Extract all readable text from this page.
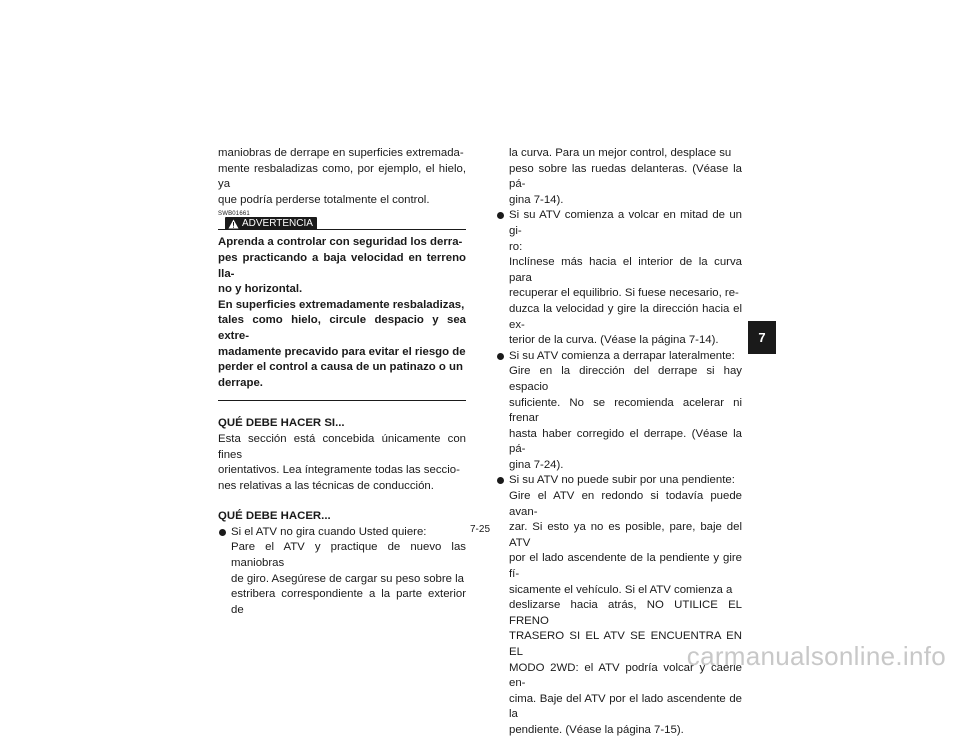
maniobras de derrape en superficies extremada-

mente resbaladizas como, por ejemplo, el hielo, ya

que podría perderse totalmente el control.

SWB01661
ADVERTENCIA

Aprenda a controlar con seguridad los derra-

pes practicando a baja velocidad en terreno lla-

no y horizontal.

En superficies extremadamente resbaladizas,

tales como hielo, circule despacio y sea extre-

madamente precavido para evitar el riesgo de

perder el control a causa de un patinazo o un

derrape.

QUÉ DEBE HACER SI...

Esta sección está concebida únicamente con fines

orientativos. Lea íntegramente todas las seccio-

nes relativas a las técnicas de conducción.

QUÉ DEBE HACER...

Si el ATV no gira cuando Usted quiere:

Pare el ATV y practique de nuevo las maniobras

de giro. Asegúrese de cargar su peso sobre la

estribera correspondiente a la parte exterior de

la curva. Para un mejor control, desplace su

peso sobre las ruedas delanteras. (Véase la pá-

gina 7-14).

Si su ATV comienza a volcar en mitad de un gi-

ro:

Inclínese más hacia el interior de la curva para

recuperar el equilibrio. Si fuese necesario, re-

duzca la velocidad y gire la dirección hacia el ex-

terior de la curva. (Véase la página 7-14).

Si su ATV comienza a derrapar lateralmente:

Gire en la dirección del derrape si hay espacio

suficiente. No se recomienda acelerar ni frenar

hasta haber corregido el derrape. (Véase la pá-

gina 7-24).

Si su ATV no puede subir por una pendiente:

Gire el ATV en redondo si todavía puede avan-

zar. Si esto ya no es posible, pare, baje del ATV

por el lado ascendente de la pendiente y gire fí-

sicamente el vehículo. Si el ATV comienza a

deslizarse hacia atrás, NO UTILICE EL FRENO

TRASERO SI EL ATV SE ENCUENTRA EN EL

MODO 2WD: el ATV podría volcar y caerle en-

cima. Baje del ATV por el lado ascendente de la

pendiente. (Véase la página 7-15).

7
7-25
carmanualsonline.info
